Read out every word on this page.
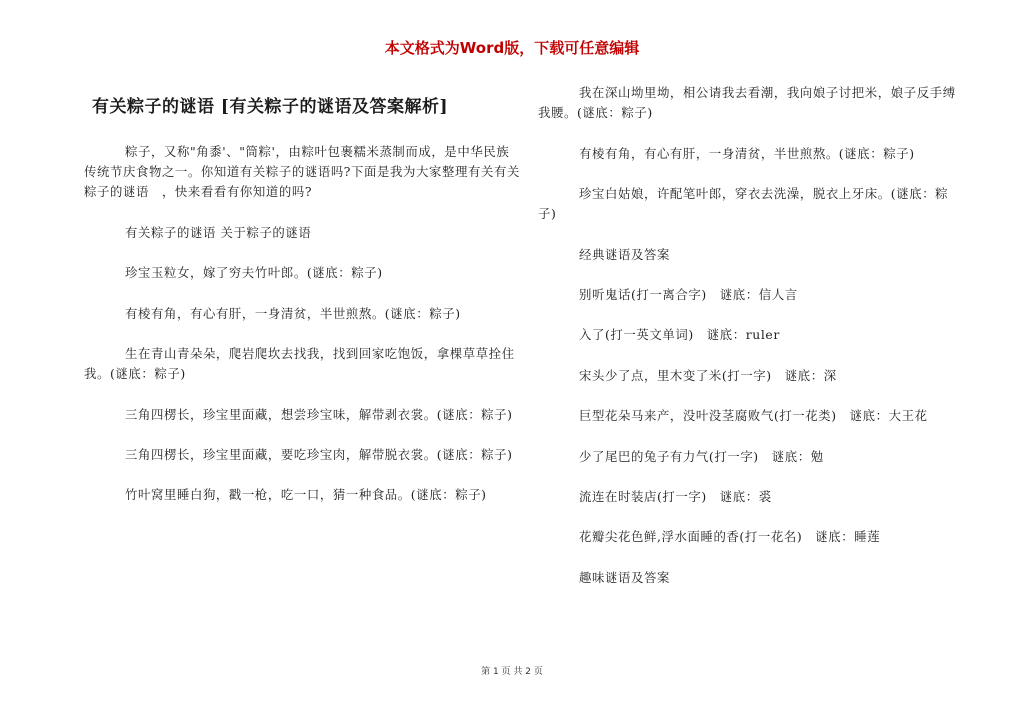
本文格式为Word版，下载可任意编辑
有关粽子的谜语 [有关粽子的谜语及答案解析]

粽子，又称"角黍'、"筒粽'，由粽叶包裹糯米蒸制而成，是中华民族传统节庆食物之一。你知道有关粽子的谜语吗?下面是我为大家整理有关有关粽子的谜语　，快来看看有你知道的吗?

有关粽子的谜语 关于粽子的谜语

珍宝玉粒女，嫁了穷夫竹叶郎。(谜底：粽子)

有棱有角，有心有肝，一身清贫，半世煎熬。(谜底：粽子)

生在青山青朵朵，爬岩爬坎去找我，找到回家吃饱饭，拿棵草草拴住我。(谜底：粽子)

三角四楞长，珍宝里面藏，想尝珍宝味，解带剥衣裳。(谜底：粽子)

三角四楞长，珍宝里面藏，要吃珍宝肉，解带脱衣裳。(谜底：粽子)

竹叶窝里睡白狗，戳一枪，吃一口，猜一种食品。(谜底：粽子)

我在深山坳里坳，相公请我去看潮，我向娘子讨把米，娘子反手缚我腰。(谜底：粽子)

有棱有角，有心有肝，一身清贫，半世煎熬。(谜底：粽子)

珍宝白姑娘，许配笔叶郎，穿衣去洗澡，脱衣上牙床。(谜底：粽子)

经典谜语及答案

别听鬼话(打一离合字)　谜底：信人言

入了(打一英文单词)　谜底：ruler

宋头少了点，里木变了米(打一字)　谜底：深

巨型花朵马来产，没叶没茎腐败气(打一花类)　谜底：大王花

少了尾巴的兔子有力气(打一字)　谜底：勉

流连在时装店(打一字)　谜底：裘

花瓣尖花色鲜,浮水面睡的香(打一花名)　谜底：睡莲

趣味谜语及答案

第 1 页 共 2 页
